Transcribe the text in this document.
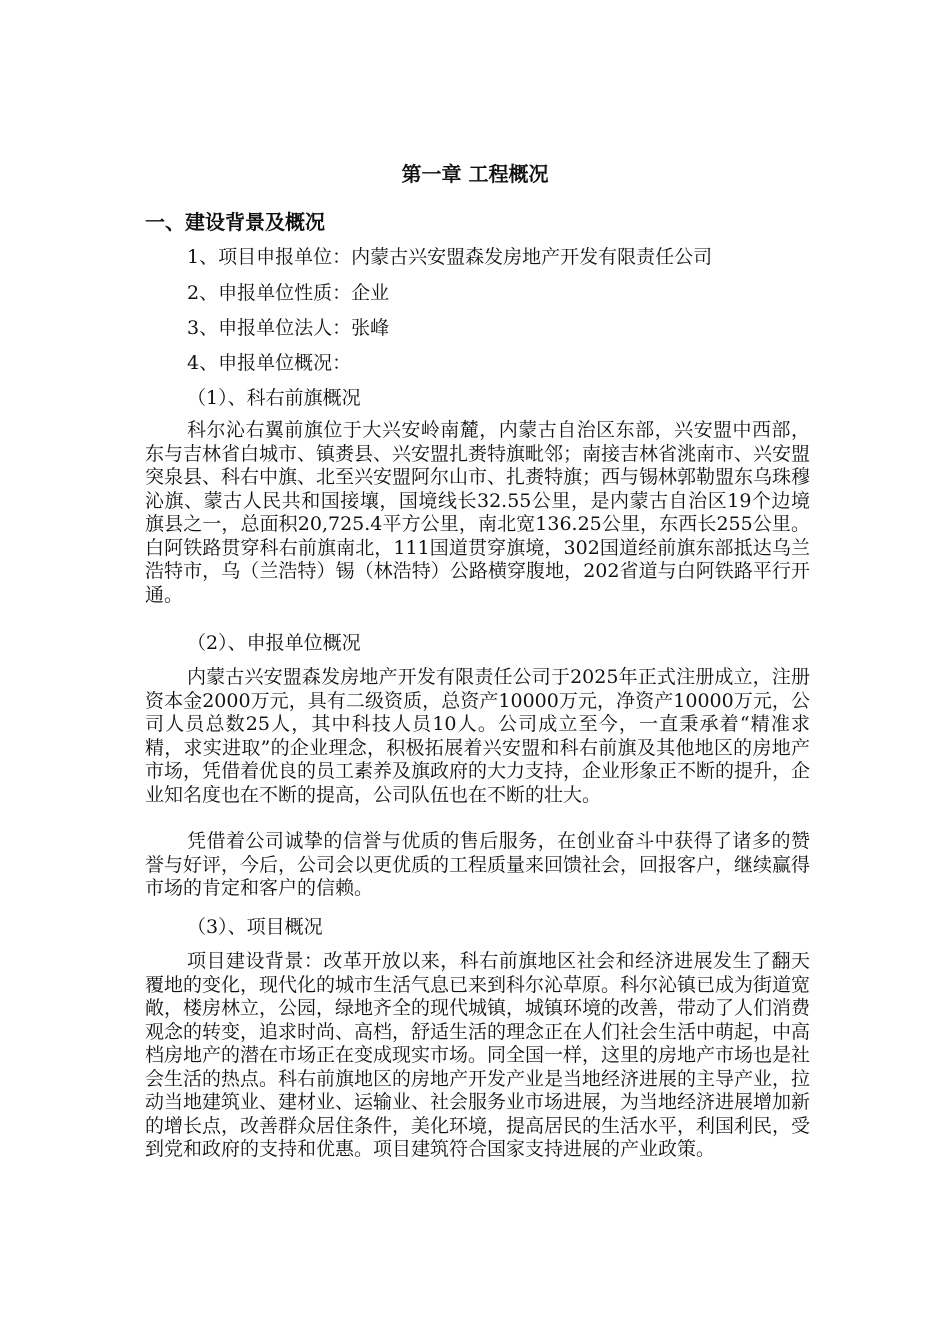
第一章 工程概况
一、建设背景及概况
1、项目申报单位：内蒙古兴安盟森发房地产开发有限责任公司
2、申报单位性质：企业
3、申报单位法人：张峰
4、申报单位概况：
（1）、科右前旗概况

科尔沁右翼前旗位于大兴安岭南麓，内蒙古自治区东部，兴安盟中西部，东与吉林省白城市、镇赉县、兴安盟扎赉特旗毗邻；南接吉林省洮南市、兴安盟突泉县、科右中旗、北至兴安盟阿尔山市、扎赉特旗；西与锡林郭勒盟东乌珠穆沁旗、蒙古人民共和国接壤，国境线长32.55公里，是内蒙古自治区19个边境旗县之一，总面积20,725.4平方公里，南北宽136.25公里，东西长255公里。白阿铁路贯穿科右前旗南北，111国道贯穿旗境，302国道经前旗东部抵达乌兰浩特市，乌（兰浩特）锡（林浩特）公路横穿腹地，202省道与白阿铁路平行开通。

（2）、申报单位概况

内蒙古兴安盟森发房地产开发有限责任公司于2025年正式注册成立，注册资本金2000万元，具有二级资质，总资产10000万元，净资产10000万元，公司人员总数25人，其中科技人员10人。公司成立至今，一直秉承着“精准求精，求实进取”的企业理念，积极拓展着兴安盟和科右前旗及其他地区的房地产市场，凭借着优良的员工素养及旗政府的大力支持，企业形象正不断的提升，企业知名度也在不断的提高，公司队伍也在不断的壮大。

凭借着公司诚挚的信誉与优质的售后服务，在创业奋斗中获得了诸多的赞誉与好评，今后，公司会以更优质的工程质量来回馈社会，回报客户，继续赢得市场的肯定和客户的信赖。

（3）、项目概况

项目建设背景：改革开放以来，科右前旗地区社会和经济进展发生了翻天覆地的变化，现代化的城市生活气息已来到科尔沁草原。科尔沁镇已成为街道宽敞，楼房林立，公园，绿地齐全的现代城镇，城镇环境的改善，带动了人们消费观念的转变，追求时尚、高档，舒适生活的理念正在人们社会生活中萌起，中高档房地产的潜在市场正在变成现实市场。同全国一样，这里的房地产市场也是社会生活的热点。科右前旗地区的房地产开发产业是当地经济进展的主导产业，拉动当地建筑业、建材业、运输业、社会服务业市场进展，为当地经济进展增加新的增长点，改善群众居住条件，美化环境，提高居民的生活水平，利国利民，受到党和政府的支持和优惠。项目建筑符合国家支持进展的产业政策。
